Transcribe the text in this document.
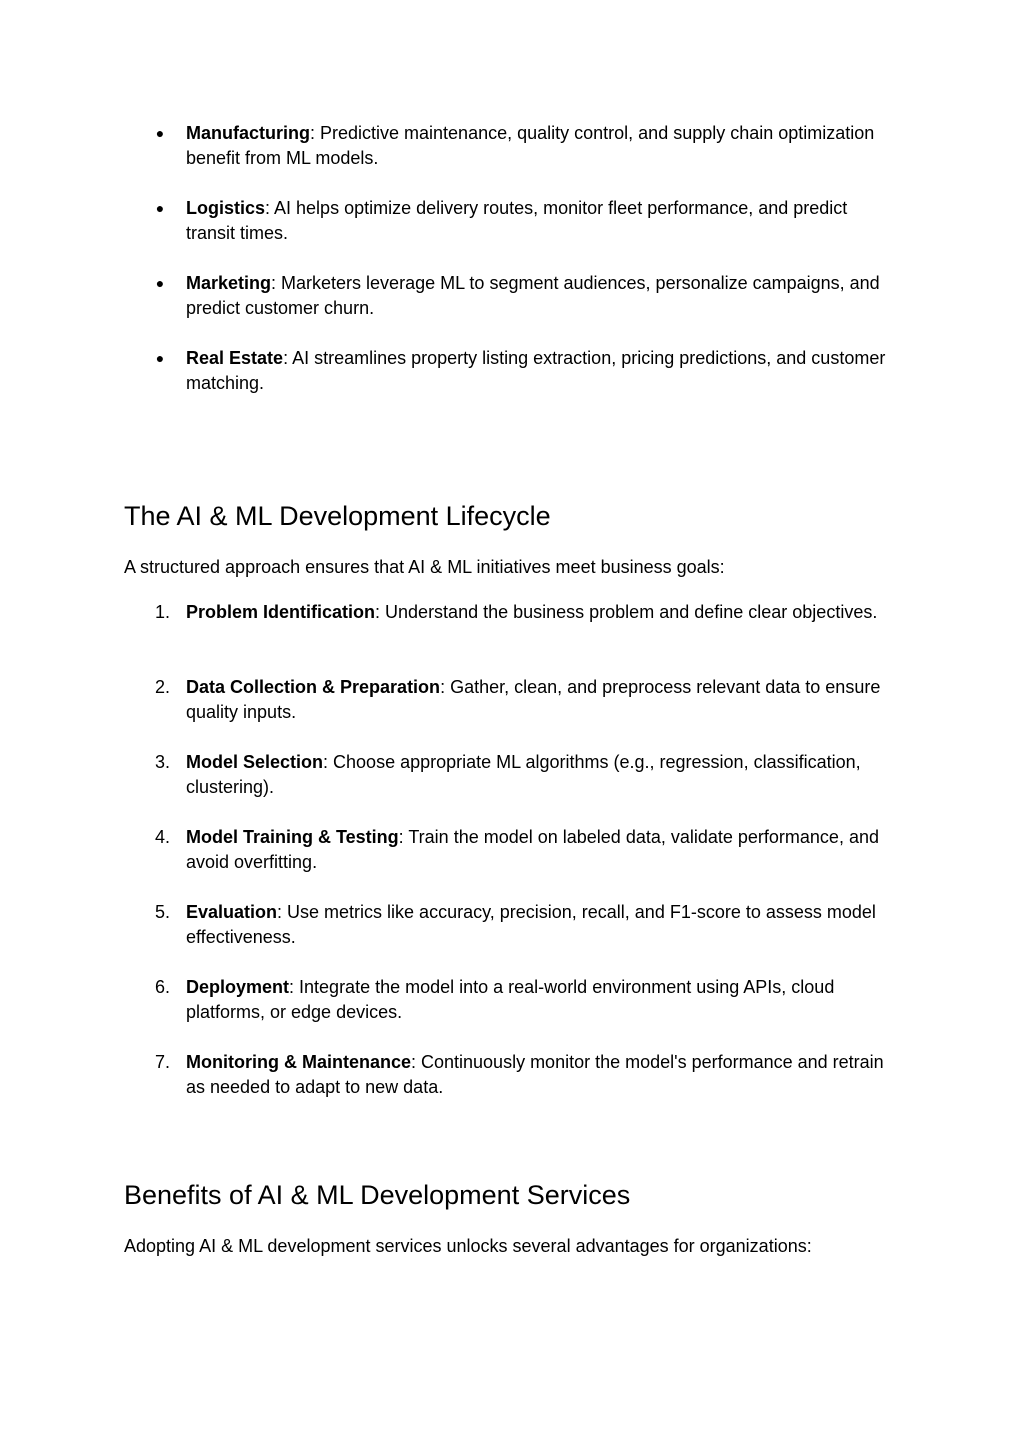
●	Manufacturing: Predictive maintenance, quality control, and supply chain optimization benefit from ML models.
●	Logistics: AI helps optimize delivery routes, monitor fleet performance, and predict transit times.
●	Marketing: Marketers leverage ML to segment audiences, personalize campaigns, and predict customer churn.
●	Real Estate: AI streamlines property listing extraction, pricing predictions, and customer matching.
The AI & ML Development Lifecycle

A structured approach ensures that AI & ML initiatives meet business goals:

1. Problem Identification: Understand the business problem and define clear objectives.
2. Data Collection & Preparation: Gather, clean, and preprocess relevant data to ensure quality inputs.
3. Model Selection: Choose appropriate ML algorithms (e.g., regression, classification, clustering).
4. Model Training & Testing: Train the model on labeled data, validate performance, and avoid overfitting.
5. Evaluation: Use metrics like accuracy, precision, recall, and F1-score to assess model effectiveness.
6. Deployment: Integrate the model into a real-world environment using APIs, cloud platforms, or edge devices.
7. Monitoring & Maintenance: Continuously monitor the model's performance and retrain as needed to adapt to new data.
Benefits of AI & ML Development Services

Adopting AI & ML development services unlocks several advantages for organizations:
